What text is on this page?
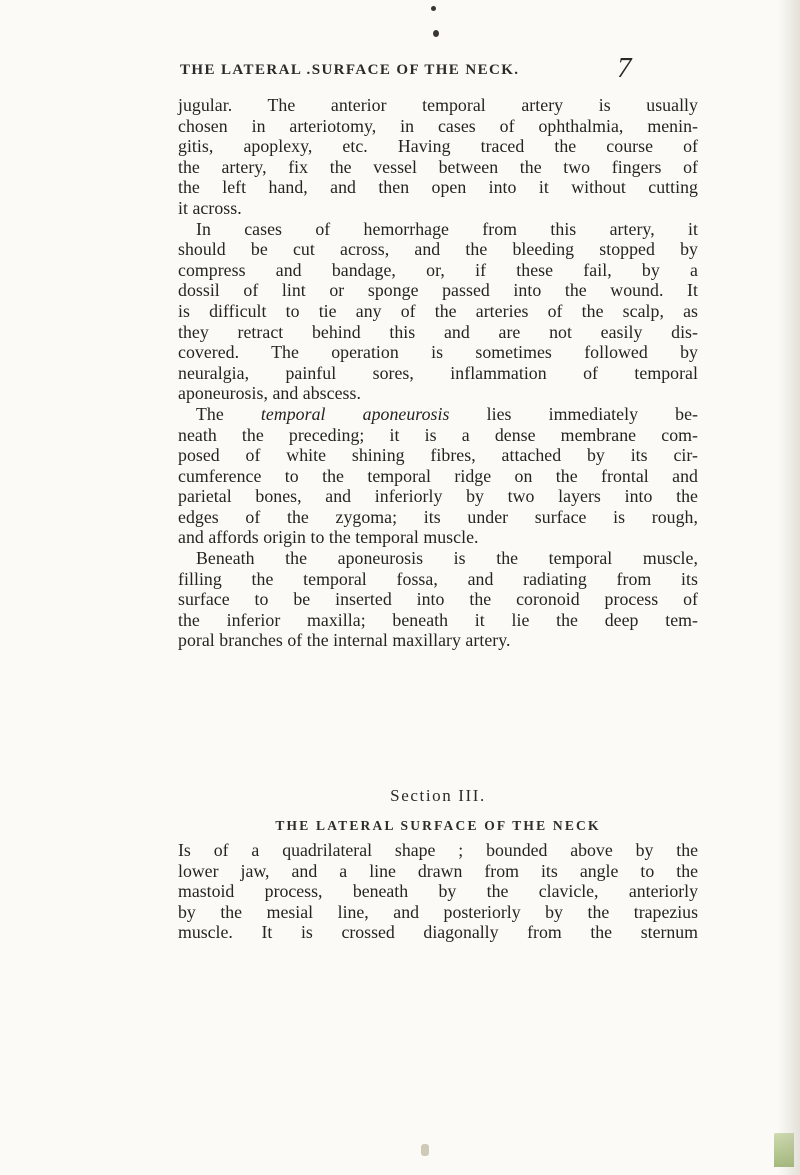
THE LATERAL .SURFACE OF THE NECK.	7
jugular. The anterior temporal artery is usually
chosen in arteriotomy, in cases of ophthalmia, menin-
gitis, apoplexy, etc. Having traced the course of
the artery, fix the vessel between the two fingers of
the left hand, and then open into it without cutting
it across.
In cases of hemorrhage from this artery, it
should be cut across, and the bleeding stopped by
compress and bandage, or, if these fail, by a
dossil of lint or sponge passed into the wound. It
is difficult to tie any of the arteries of the scalp, as
they retract behind this and are not easily dis-
covered. The operation is sometimes followed by
neuralgia, painful sores, inflammation of temporal
aponeurosis, and abscess.
The temporal aponeurosis lies immediately be-
neath the preceding; it is a dense membrane com-
posed of white shining fibres, attached by its cir-
cumference to the temporal ridge on the frontal and
parietal bones, and inferiorly by two layers into the
edges of the zygoma; its under surface is rough,
and affords origin to the temporal muscle.
Beneath the aponeurosis is the temporal muscle,
filling the temporal fossa, and radiating from its
surface to be inserted into the coronoid process of
the inferior maxilla; beneath it lie the deep tem-
poral branches of the internal maxillary artery.
Section III.
THE LATERAL SURFACE OF THE NECK
Is of a quadrilateral shape ; bounded above by the
lower jaw, and a line drawn from its angle to the
mastoid process, beneath by the clavicle, anteriorly
by the mesial line, and posteriorly by the trapezius
muscle. It is crossed diagonally from the sternum
